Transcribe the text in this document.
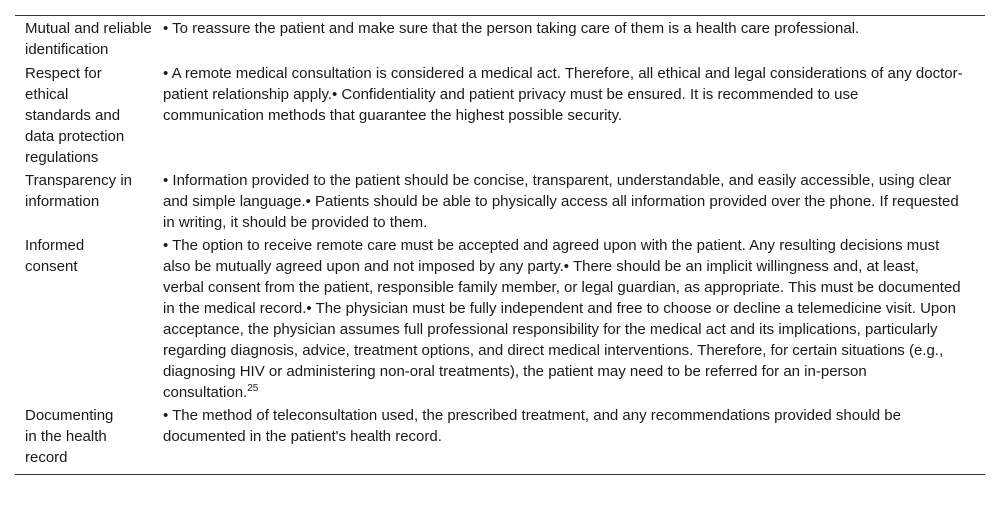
Mutual and reliable identification	• To reassure the patient and make sure that the person taking care of them is a health care professional.
Respect for ethical standards and data protection regulations	• A remote medical consultation is considered a medical act. Therefore, all ethical and legal considerations of any doctor-patient relationship apply.• Confidentiality and patient privacy must be ensured. It is recommended to use communication methods that guarantee the highest possible security.
Transparency in information	• Information provided to the patient should be concise, transparent, understandable, and easily accessible, using clear and simple language.• Patients should be able to physically access all information provided over the phone. If requested in writing, it should be provided to them.
Informed consent	• The option to receive remote care must be accepted and agreed upon with the patient. Any resulting decisions must also be mutually agreed upon and not imposed by any party.• There should be an implicit willingness and, at least, verbal consent from the patient, responsible family member, or legal guardian, as appropriate. This must be documented in the medical record.• The physician must be fully independent and free to choose or decline a telemedicine visit. Upon acceptance, the physician assumes full professional responsibility for the medical act and its implications, particularly regarding diagnosis, advice, treatment options, and direct medical interventions. Therefore, for certain situations (e.g., diagnosing HIV or administering non-oral treatments), the patient may need to be referred for an in-person consultation.$^{25}$
Documenting in the health record	• The method of teleconsultation used, the prescribed treatment, and any recommendations provided should be documented in the patient's health record.
